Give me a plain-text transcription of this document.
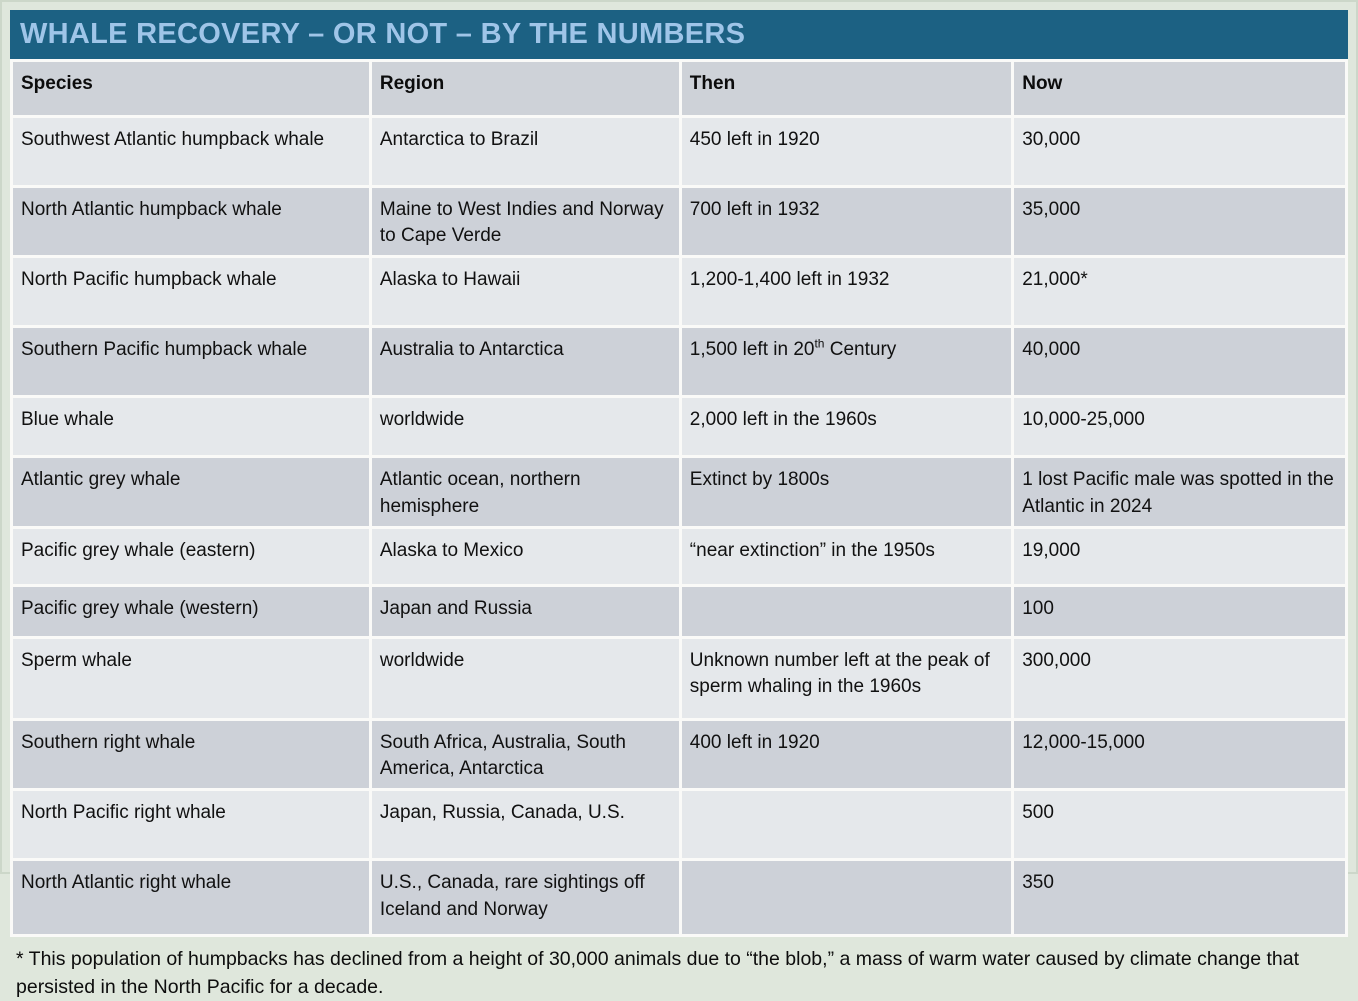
WHALE RECOVERY – OR NOT – BY THE NUMBERS
Species	Region	Then	Now
Southwest Atlantic humpback whale	Antarctica to Brazil	450 left in 1920	30,000
North Atlantic humpback whale	Maine to West Indies and Norway to Cape Verde	700 left in 1932	35,000
North Pacific humpback whale	Alaska to Hawaii	1,200-1,400 left in 1932	21,000*
Southern Pacific humpback whale	Australia to Antarctica	1,500 left in 20th Century	40,000
Blue whale	worldwide	2,000 left in the 1960s	10,000-25,000
Atlantic grey whale	Atlantic ocean, northern hemisphere	Extinct by 1800s	1 lost Pacific male was spotted in the Atlantic in 2024
Pacific grey whale (eastern)	Alaska to Mexico	“near extinction” in the 1950s	19,000
Pacific grey whale (western)	Japan and Russia		100
Sperm whale	worldwide	Unknown number left at the peak of sperm whaling in the 1960s	300,000
Southern right whale	South Africa, Australia, South America, Antarctica	400 left in 1920	12,000-15,000
North Pacific right whale	Japan, Russia, Canada, U.S.		500
North Atlantic right whale	U.S., Canada, rare sightings off Iceland and Norway		350
* This population of humpbacks has declined from a height of 30,000 animals due to “the blob,” a mass of warm water caused by climate change that persisted in the North Pacific for a decade.
